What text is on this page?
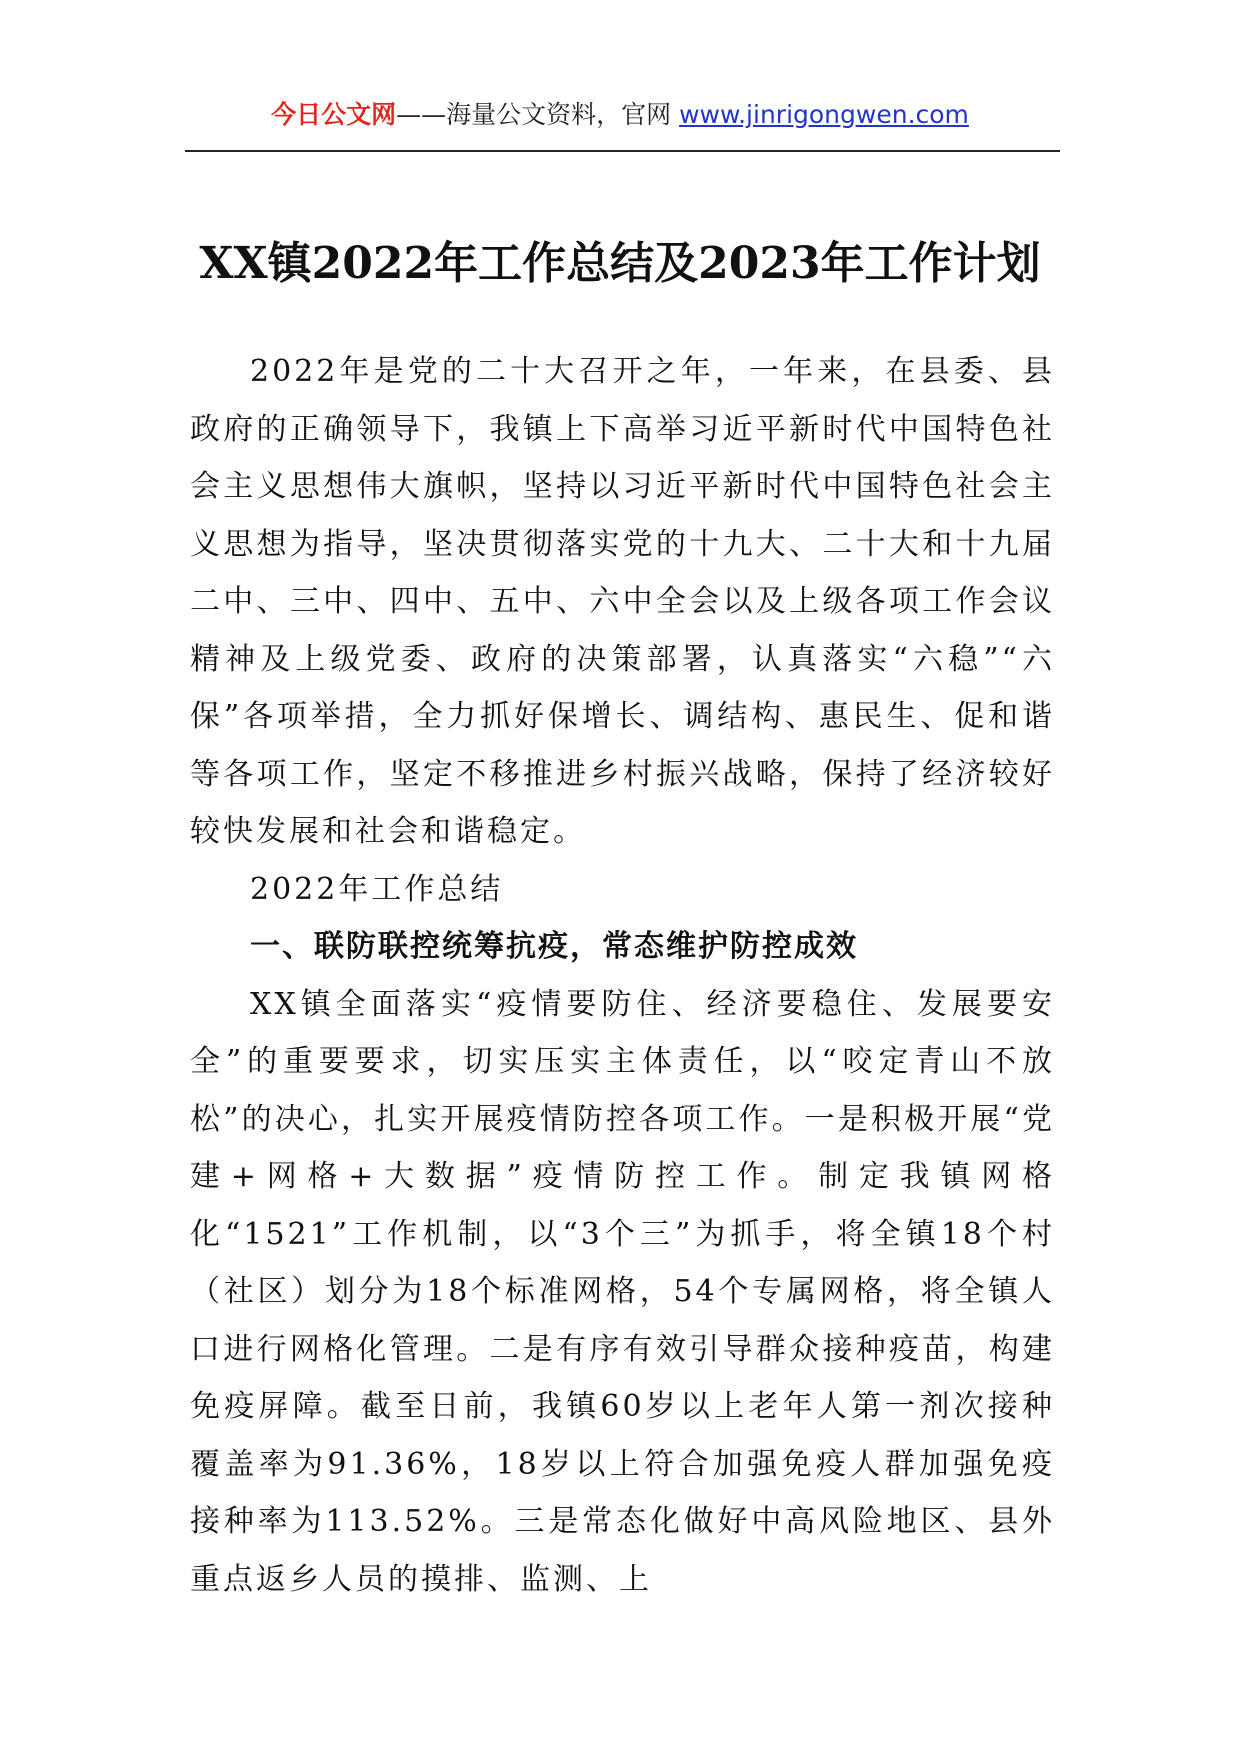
今日公文网——海量公文资料，官网 www.jinrigongwen.com
XX镇2022年工作总结及2023年工作计划

2022年是党的二十大召开之年，一年来，在县委、县政府的正确领导下，我镇上下高举习近平新时代中国特色社会主义思想伟大旗帜，坚持以习近平新时代中国特色社会主义思想为指导，坚决贯彻落实党的十九大、二十大和十九届二中、三中、四中、五中、六中全会以及上级各项工作会议精神及上级党委、政府的决策部署，认真落实“六稳”“六保”各项举措，全力抓好保增长、调结构、惠民生、促和谐等各项工作，坚定不移推进乡村振兴战略，保持了经济较好较快发展和社会和谐稳定。

2022年工作总结

一、联防联控统筹抗疫，常态维护防控成效

XX镇全面落实“疫情要防住、经济要稳住、发展要安全”的重要要求，切实压实主体责任，以“咬定青山不放松”的决心，扎实开展疫情防控各项工作。一是积极开展“党建+网格+大数据”疫情防控工作。制定我镇网格化“1521”工作机制，以“3个三”为抓手，将全镇18个村（社区）划分为18个标准网格，54个专属网格，将全镇人口进行网格化管理。二是有序有效引导群众接种疫苗，构建免疫屏障。截至日前，我镇60岁以上老年人第一剂次接种覆盖率为91.36%，18岁以上符合加强免疫人群加强免疫接种率为113.52%。三是常态化做好中高风险地区、县外重点返乡人员的摸排、监测、上
